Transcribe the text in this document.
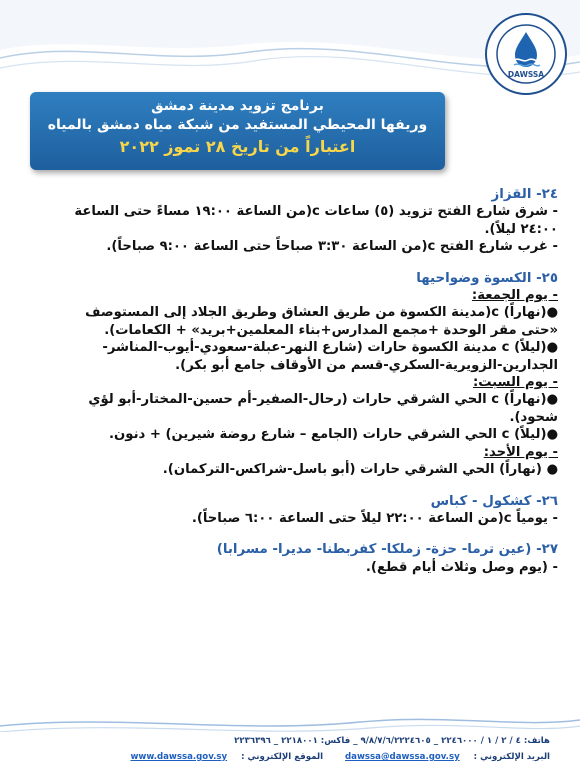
DAWSSA
برنامج تزويد مدينة دمشق
وريفها المحيطي المستفيد من شبكة مياه دمشق بالمياه
اعتباراً من تاريخ ٢٨ تموز ٢٠٢٢

٢٤- القزاز

- شرق شارع الفتح تزويد (٥) ساعات c(من الساعة ١٩:٠٠ مساءً حتى الساعة

٢٤:٠٠ ليلاً).

- غرب شارع الفتح c(من الساعة ٣:٣٠ صباحاً حتى الساعة ٩:٠٠ صباحاً).

٢٥- الكسوة وضواحيها

- يوم الجمعة:

●(نهاراً) c(مدينة الكسوة من طريق العشاق وطريق الجلاد إلى المستوصف

«حتى مقر الوحدة +مجمع المدارس+بناء المعلمين+بريد» + الكعامات).

●(ليلاً) c مدينة الكسوة حارات (شارع النهر-عبلة-سعودي-أيوب-المناشر-

الجدارين-الزويرية-السكري-قسم من الأوقاف جامع أبو بكر).

- يوم السبت:

●(نهاراً) c الحي الشرقي حارات (رحال-الصفير-أم حسين-المختار-أبو لؤي

شحود).

●(ليلاً) c الحي الشرقي حارات (الجامع – شارع روضة شيرين) + دنون.

- يوم الأحد:

● (نهاراً) الحي الشرقي حارات (أبو باسل-شراكس-التركمان).

٢٦- كشكول - كباس

- يومياً c(من الساعة ٢٢:٠٠ ليلاً حتى الساعة ٦:٠٠ صباحاً).

٢٧- (عين ترما- حزة- زملكا- كفربطنا- مديرا- مسرابا)

- (يوم وصل وثلاث أيام قطع).

هاتف: ٤ / ٢ / ١ / ٢٢٤٦٠٠٠ _ ٩/٨/٧/٦/٢٢٢٤٦٠٥ _ فاكس: ٢٢١٨٠٠١ _ ٢٢٣٦٣٩٦
البريد الإلكتروني :  dawssa@dawssa.gov.sy  الموقع الإلكتروني :  www.dawssa.gov.sy
